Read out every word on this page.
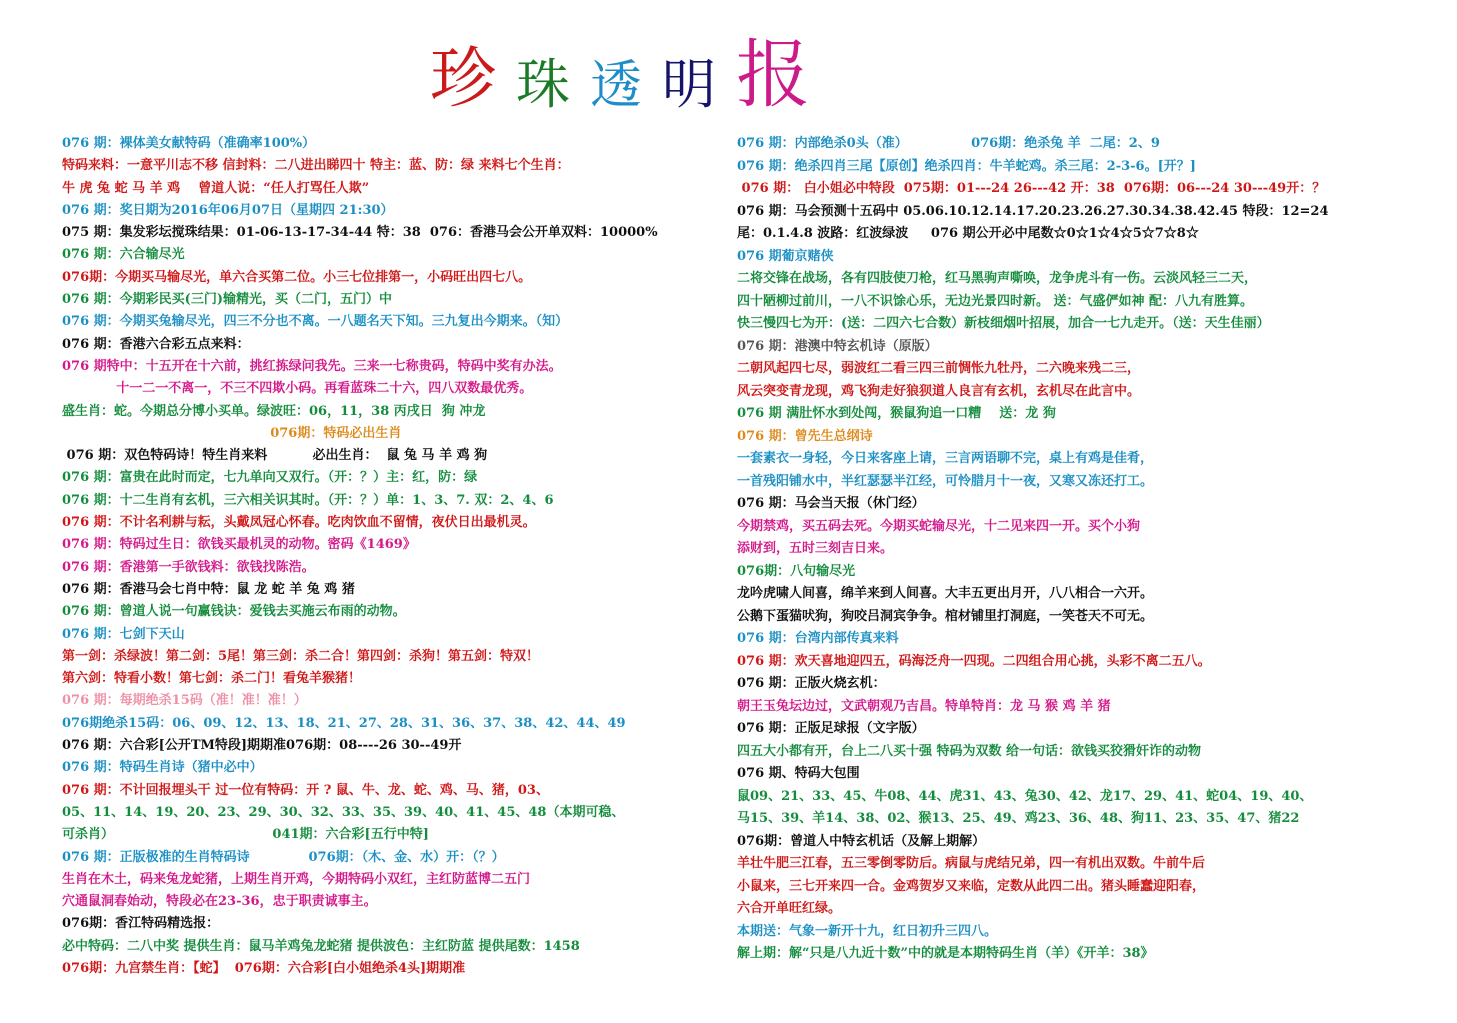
珍 珠 透 明 报
076 期：裸体美女献特码（准确率100%）
特码来料：一意平川志不移 信封料：二八进出睇四十 特主：蓝、防：绿 来料七个生肖：
牛 虎 兔 蛇 马 羊 鸡    曾道人说：“任人打骂任人欺”
076 期：奖日期为2016年06月07日（星期四 21:30）
075 期：集发彩坛搅珠结果：01-06-13-17-34-44 特：38  076：香港马会公开单双料：10000%
076 期：六合输尽光
076期：今期买马输尽光，单六合买第二位。小三七位排第一，小码旺出四七八。
076 期：今期彩民买(三门)输精光，买（二门，五门）中
076 期：今期买兔输尽光，四三不分也不离。一八题名天下知。三九复出今期来。（知）
076 期：香港六合彩五点来料：
076 期特中：十五开在十六前，挑红拣绿问我先。三来一七称贵码，特码中奖有办法。
十一二一不离一，不三不四欺小码。再看蓝珠二十六，四八双数最优秀。
盛生肖：蛇。今期总分博小买单。绿波旺：06，11，38 丙戌日  狗 冲龙
076期：特码必出生肖
076 期：双色特码诗！特生肖来料          必出生肖：  鼠 兔 马 羊 鸡 狗
076 期：富贵在此时而定，七九单向又双行。（开：？）主：红，防：绿
076 期：十二生肖有玄机，三六相关识其时。（开：？）单：1、3、7. 双：2、4、6
076 期：不计名利耕与耘，头戴凤冠心怀春。吃肉饮血不留情，夜伏日出最机灵。
076 期：特码过生日：欲钱买最机灵的动物。密码《1469》
076 期：香港第一手欲钱料：欲钱找陈浩。
076 期：香港马会七肖中特：鼠 龙 蛇 羊 兔 鸡 猪
076 期：曾道人说一句赢钱诀：爱钱去买施云布雨的动物。
076 期：七剑下天山
第一剑：杀绿波！第二剑：5尾！第三剑：杀二合！第四剑：杀狗！第五剑：特双！
第六剑：特看小数！第七剑：杀二门！看兔羊猴猪！
076 期：每期绝杀15码（准！准！准！）
076期绝杀15码：06、09、12、13、18、21、27、28、31、36、37、38、42、44、49
076 期：六合彩[公开TM特段]期期准076期：08----26 30--49开
076 期：特码生肖诗（猪中必中）
076 期：不计回报埋头干 过一位有特码：开 ? 鼠、牛、龙、蛇、鸡、马、猪，03、
05、11、14、19、20、23、29、30、32、33、35、39、40、41、45、48（本期可稳、
可杀肖）                                   041期：六合彩[五行中特]
076 期：正版极准的生肖特码诗             076期：（木、金、水）开：（？）
生肖在木土，码来兔龙蛇猪，上期生肖开鸡，今期特码小双红，主红防蓝博二五门
穴通鼠洞春始动，特段必在23-36，忠于职责诚事主。
076期：香江特码精选报：
必中特码：二八中奖 提供生肖：鼠马羊鸡兔龙蛇猪 提供波色：主红防蓝 提供尾数：1458
076期：九宫禁生肖：【蛇】  076期：六合彩[白小姐绝杀4头]期期准
076 期：内部绝杀0头（准）              076期：绝杀兔 羊  二尾：2、9
076 期：绝杀四肖三尾【原创】绝杀四肖：牛羊蛇鸡。杀三尾：2-3-6。[开？]
076 期： 白小姐必中特段  075期：01---24 26---42 开：38  076期：06---24 30---49开：？
076 期：马会预测十五码中 05.06.10.12.14.17.20.23.26.27.30.34.38.42.45 特段：12=24
尾：0.1.4.8 波路：红波绿波     076 期公开必中尾数☆0☆1☆4☆5☆7☆8☆
076 期葡京赌侠
二将交锋在战场，各有四肢使刀枪，红马黑驹声嘶唤，龙争虎斗有一伤。云淡风轻三二天，
四十陋柳过前川，一八不识馀心乐，无边光景四时新。 送：气盛俨如神 配：八九有胜算。
快三慢四七为开：(送：二四六七合数）新枝细烟叶招展，加合一七九走开。（送：天生佳丽）
076 期：港澳中特玄机诗（原版）
二朝风起四七尽，弱波红二看三四三前惆怅九牡丹，二六晚来残二三，
风云突变青龙现，鸡飞狗走好狼狈道人良言有玄机，玄机尽在此言中。
076 期 满肚怀水到处闯，猴鼠狗追一口糟    送：龙 狗
076 期：曾先生总纲诗
一套素衣一身轻，今日来客座上请，三言两语聊不完，桌上有鸡是佳肴，
一首残阳铺水中，半红瑟瑟半江经，可怜腊月十一夜，又寒又冻还打工。
076 期：马会当天报（休门经）
今期禁鸡，买五码去死。今期买蛇输尽光，十二见来四一开。买个小狗
添财到，五时三刻吉日来。
076期：八句输尽光
龙吟虎啸人间喜，绵羊来到人间喜。大丰五更出月开，八八相合一六开。
公鹅下蛋猫吠狗，狗咬吕洞宾争争。棺材铺里打洞庭，一笑苍天不可无。
076 期：台湾内部传真来料
076 期：欢天喜地迎四五，码海泛舟一四现。二四组合用心挑，头彩不离二五八。
076 期：正版火烧玄机：
朝王玉兔坛边过，文武朝观乃吉昌。特单特肖：龙 马 猴 鸡 羊 猪
076 期：正版足球报（文字版）
四五大小都有开，台上二八买十强 特码为双数 给一句话：欲钱买狡猾奸诈的动物
076 期、特码大包围
鼠09、21、33、45、牛08、44、虎31、43、兔30、42、龙17、29、41、蛇04、19、40、
马15、39、羊14、38、02、猴13、25、49、鸡23、36、48、狗11、23、35、47、猪22
076期：曾道人中特玄机话（及解上期解）
羊壮牛肥三江春，五三零倒零防后。病鼠与虎结兄弟，四一有机出双数。牛前牛后
小鼠来，三七开来四一合。金鸡贺岁又来临，定数从此四二出。猪头睡蠢迎阳春，
六合开单旺红绿。
本期送：气象一新开十九，红日初升三四八。
解上期：解“只是八九近十数”中的就是本期特码生肖（羊）《开羊：38》
